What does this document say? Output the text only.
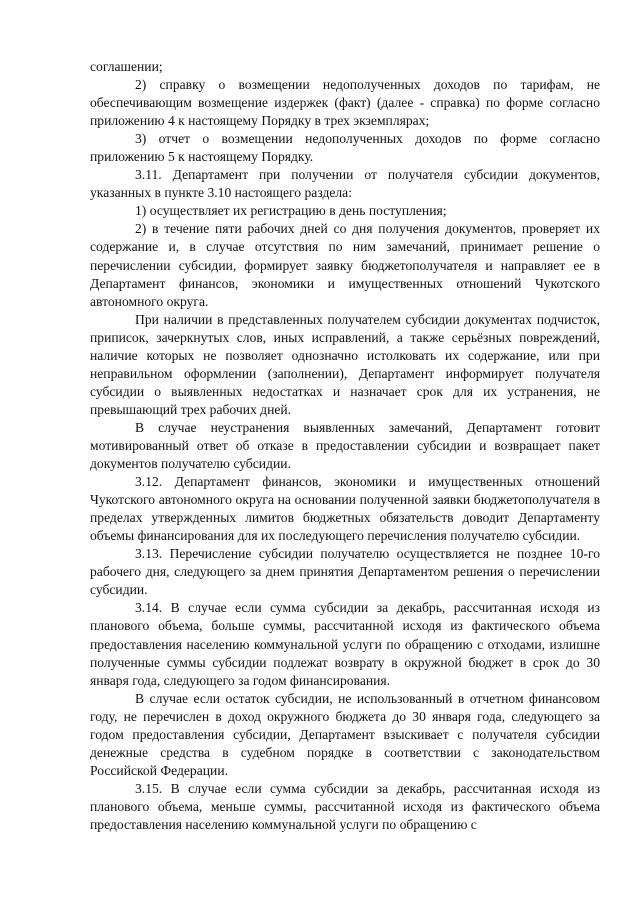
соглашении;

2) справку о возмещении недополученных доходов по тарифам, не обеспечивающим возмещение издержек (факт) (далее - справка) по форме согласно приложению 4 к настоящему Порядку в трех экземплярах;

3) отчет о возмещении недополученных доходов по форме согласно приложению 5 к настоящему Порядку.

3.11. Департамент при получении от получателя субсидии документов, указанных в пункте 3.10 настоящего раздела:

1) осуществляет их регистрацию в день поступления;

2) в течение пяти рабочих дней со дня получения документов, проверяет их содержание и, в случае отсутствия по ним замечаний, принимает решение о перечислении субсидии, формирует заявку бюджетополучателя и направляет ее в Департамент финансов, экономики и имущественных отношений Чукотского автономного округа.

При наличии в представленных получателем субсидии документах подчисток, приписок, зачеркнутых слов, иных исправлений, а также серьёзных повреждений, наличие которых не позволяет однозначно истолковать их содержание, или при неправильном оформлении (заполнении), Департамент информирует получателя субсидии о выявленных недостатках и назначает срок для их устранения, не превышающий трех рабочих дней.

В случае неустранения выявленных замечаний, Департамент готовит мотивированный ответ об отказе в предоставлении субсидии и возвращает пакет документов получателю субсидии.

3.12. Департамент финансов, экономики и имущественных отношений Чукотского автономного округа на основании полученной заявки бюджетополучателя в пределах утвержденных лимитов бюджетных обязательств доводит Департаменту объемы финансирования для их последующего перечисления получателю субсидии.

3.13. Перечисление субсидии получателю осуществляется не позднее 10-го рабочего дня, следующего за днем принятия Департаментом решения о перечислении субсидии.

3.14. В случае если сумма субсидии за декабрь, рассчитанная исходя из планового объема, больше суммы, рассчитанной исходя из фактического объема предоставления населению коммунальной услуги по обращению с отходами, излишне полученные суммы субсидии подлежат возврату в окружной бюджет в срок до 30 января года, следующего за годом финансирования.

В случае если остаток субсидии, не использованный в отчетном финансовом году, не перечислен в доход окружного бюджета до 30 января года, следующего за годом предоставления субсидии, Департамент взыскивает с получателя субсидии денежные средства в судебном порядке в соответствии с законодательством Российской Федерации.

3.15. В случае если сумма субсидии за декабрь, рассчитанная исходя из планового объема, меньше суммы, рассчитанной исходя из фактического объема предоставления населению коммунальной услуги по обращению с
